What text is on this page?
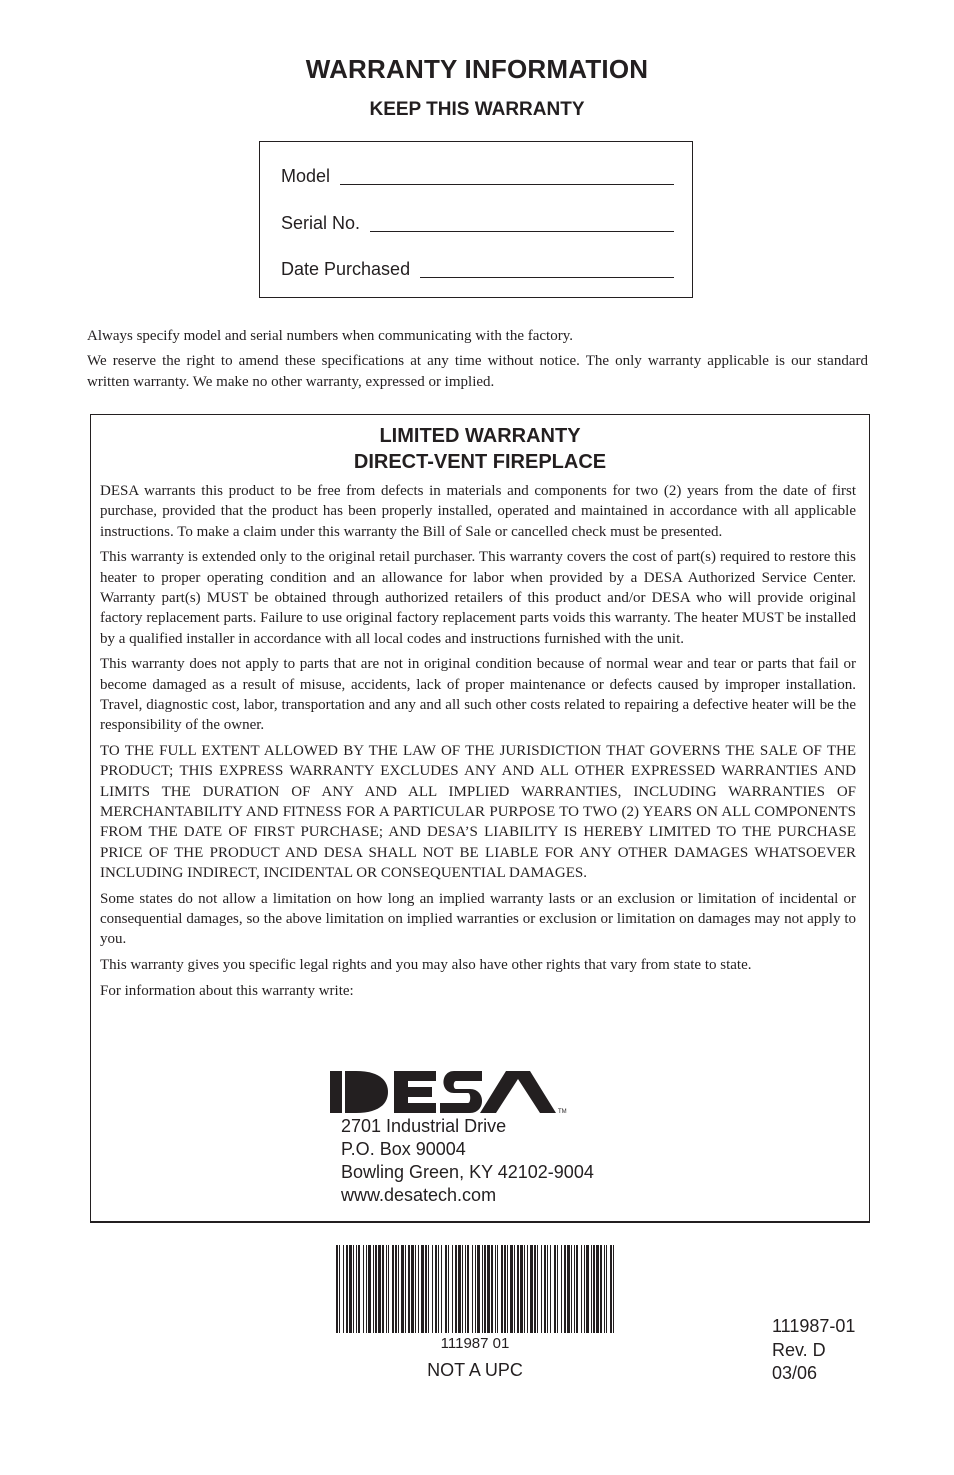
WARRANTY INFORMATION
KEEP THIS WARRANTY
Model
Serial No.
Date Purchased

Always specify model and serial numbers when communicating with the factory.

We reserve the right to amend these specifications at any time without notice. The only warranty applicable is our standard written warranty. We make no other warranty, expressed or implied.

LIMITED WARRANTY
DIRECT-VENT FIREPLACE

DESA warrants this product to be free from defects in materials and components for two (2) years from the date of first purchase, provided that the product has been properly installed, operated and maintained in accordance with all applicable instructions. To make a claim under this warranty the Bill of Sale or cancelled check must be presented.

This warranty is extended only to the original retail purchaser. This warranty covers the cost of part(s) required to restore this heater to proper operating condition and an allowance for labor when provided by a DESA Authorized Service Center. Warranty part(s) MUST be obtained through authorized retailers of this product and/or DESA who will provide original factory replacement parts. Failure to use original factory replacement parts voids this warranty. The heater MUST be installed by a qualified installer in accordance with all local codes and instructions furnished with the unit.

This warranty does not apply to parts that are not in original condition because of normal wear and tear or parts that fail or become damaged as a result of misuse, accidents, lack of proper maintenance or defects caused by improper installation. Travel, diagnostic cost, labor, transportation and any and all such other costs related to repairing a defective heater will be the responsibility of the owner.

TO THE FULL EXTENT ALLOWED BY THE LAW OF THE JURISDICTION THAT GOVERNS THE SALE OF THE PRODUCT; THIS EXPRESS WARRANTY EXCLUDES ANY AND ALL OTHER EXPRESSED WARRANTIES AND LIMITS THE DURATION OF ANY AND ALL IMPLIED WARRANTIES, INCLUDING WARRANTIES OF MERCHANTABILITY AND FITNESS FOR A PARTICULAR PURPOSE TO TWO (2) YEARS ON ALL COMPONENTS FROM THE DATE OF FIRST PURCHASE; AND DESA’S LIABILITY IS HEREBY LIMITED TO THE PURCHASE PRICE OF THE PRODUCT AND DESA SHALL NOT BE LIABLE FOR ANY OTHER DAMAGES WHATSOEVER INCLUDING INDIRECT, INCIDENTAL OR CONSEQUENTIAL DAMAGES.

Some states do not allow a limitation on how long an implied warranty lasts or an exclusion or limitation of incidental or consequential damages, so the above limitation on implied warranties or exclusion or limitation on damages may not apply to you.

This warranty gives you specific legal rights and you may also have other rights that vary from state to state.

For information about this warranty write:

TM
2701 Industrial Drive
P.O. Box 90004
Bowling Green, KY 42102-9004
www.desatech.com
111987 01
NOT A UPC
111987-01
Rev. D
03/06
